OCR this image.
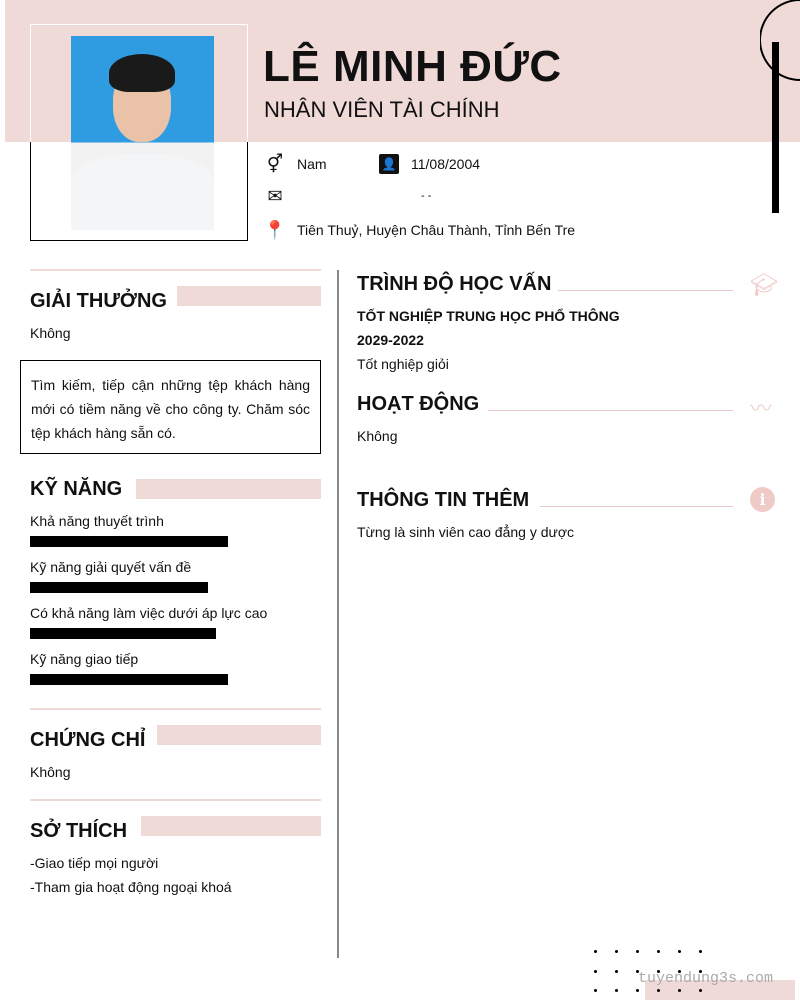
LÊ MINH ĐỨC
NHÂN VIÊN TÀI CHÍNH
⚥ Nam	👤 11/08/2004
✉	- -
📍 Tiên Thuỷ, Huyện Châu Thành, Tỉnh Bến Tre
GIẢI THƯỞNG
Không
Tìm kiếm, tiếp cận những tệp khách hàng mới có tiềm năng về cho công ty. Chăm sóc tệp khách hàng sẵn có.
KỸ NĂNG
Khả năng thuyết trình
Kỹ năng giải quyết vấn đề
Có khả năng làm việc dưới áp lực cao
Kỹ năng giao tiếp
CHỨNG CHỈ
Không
SỞ THÍCH
-Giao tiếp mọi người
-Tham gia hoạt động ngoại khoá
TRÌNH ĐỘ HỌC VẤN	🎓︎
TỐT NGHIỆP TRUNG HỌC PHỔ THÔNG
2029-2022
Tốt nghiệp giỏi
HOẠT ĐỘNG	〰
Không
THÔNG TIN THÊM	i
Từng là sinh viên cao đẳng y dược
tuyendung3s.com
